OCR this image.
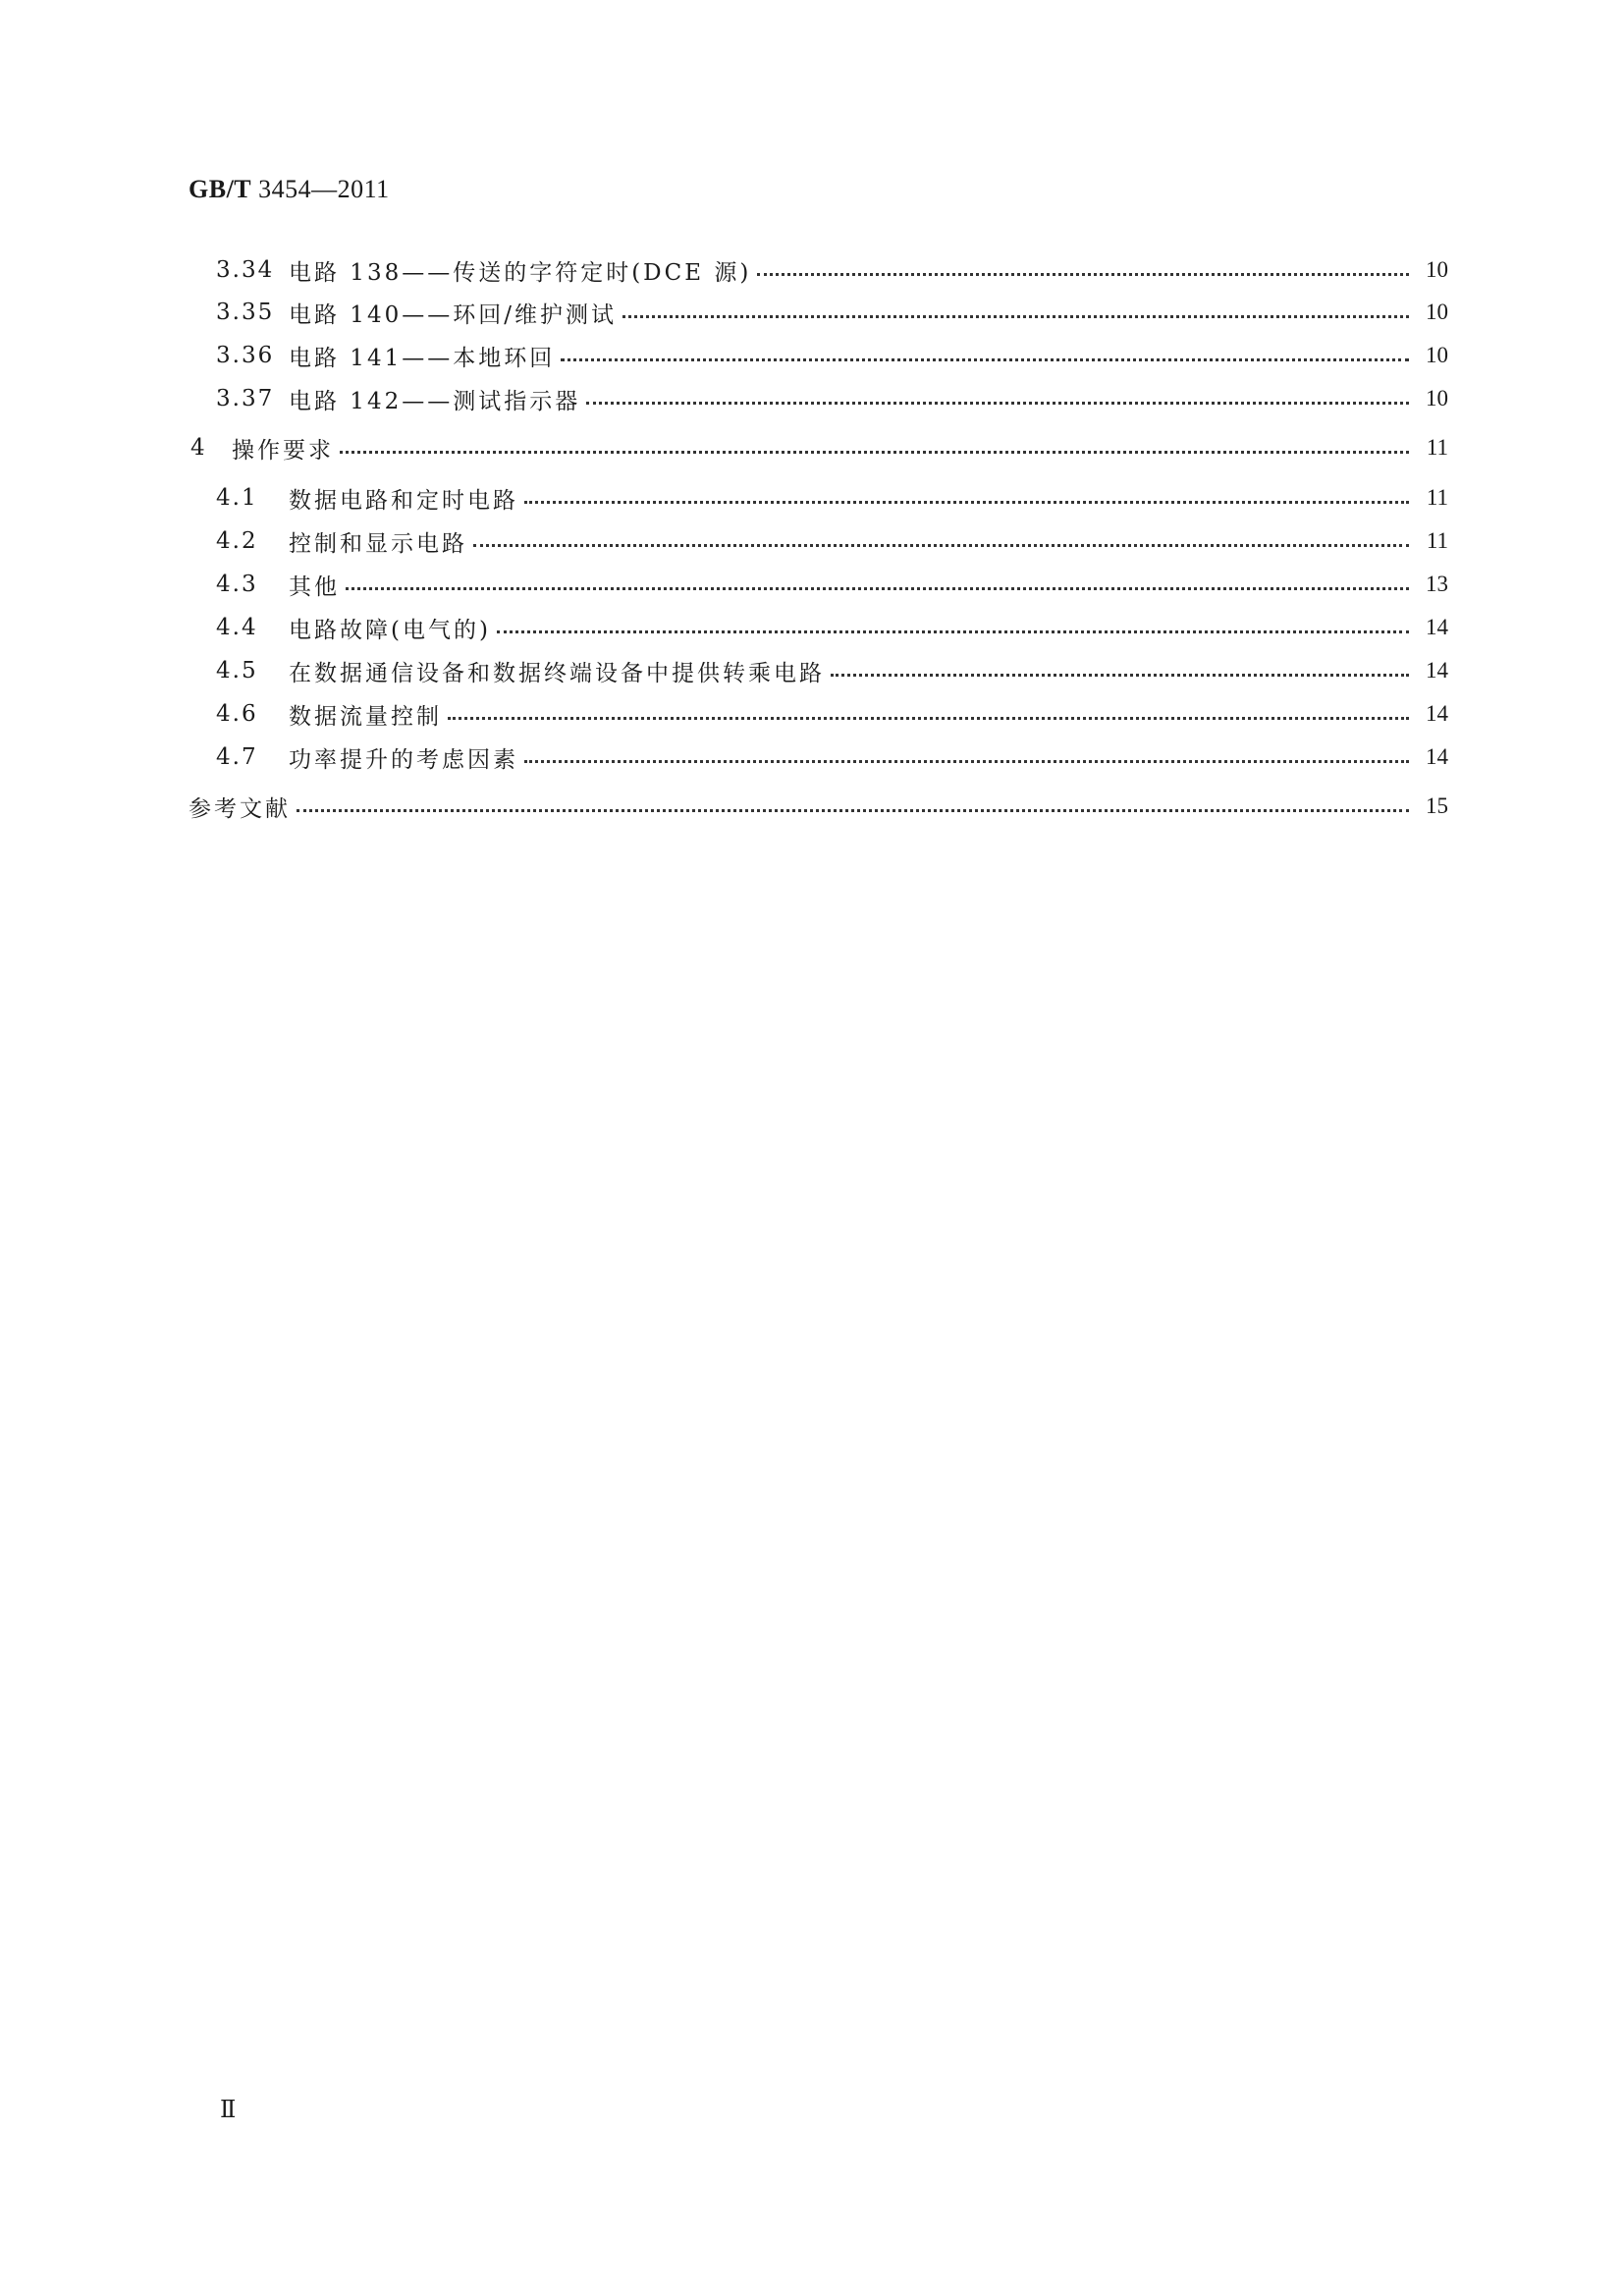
GB/T 3454—2011
3.34 电路 138——传送的字符定时(DCE 源)	10
3.35 电路 140——环回/维护测试	10
3.36 电路 141——本地环回	10
3.37 电路 142——测试指示器	10
4	操作要求	11
4.1	数据电路和定时电路	11
4.2	控制和显示电路	11
4.3	其他	13
4.4	电路故障(电气的)	14
4.5	在数据通信设备和数据终端设备中提供转乘电路	14
4.6	数据流量控制	14
4.7	功率提升的考虑因素	14
参考文献	15
Ⅱ
